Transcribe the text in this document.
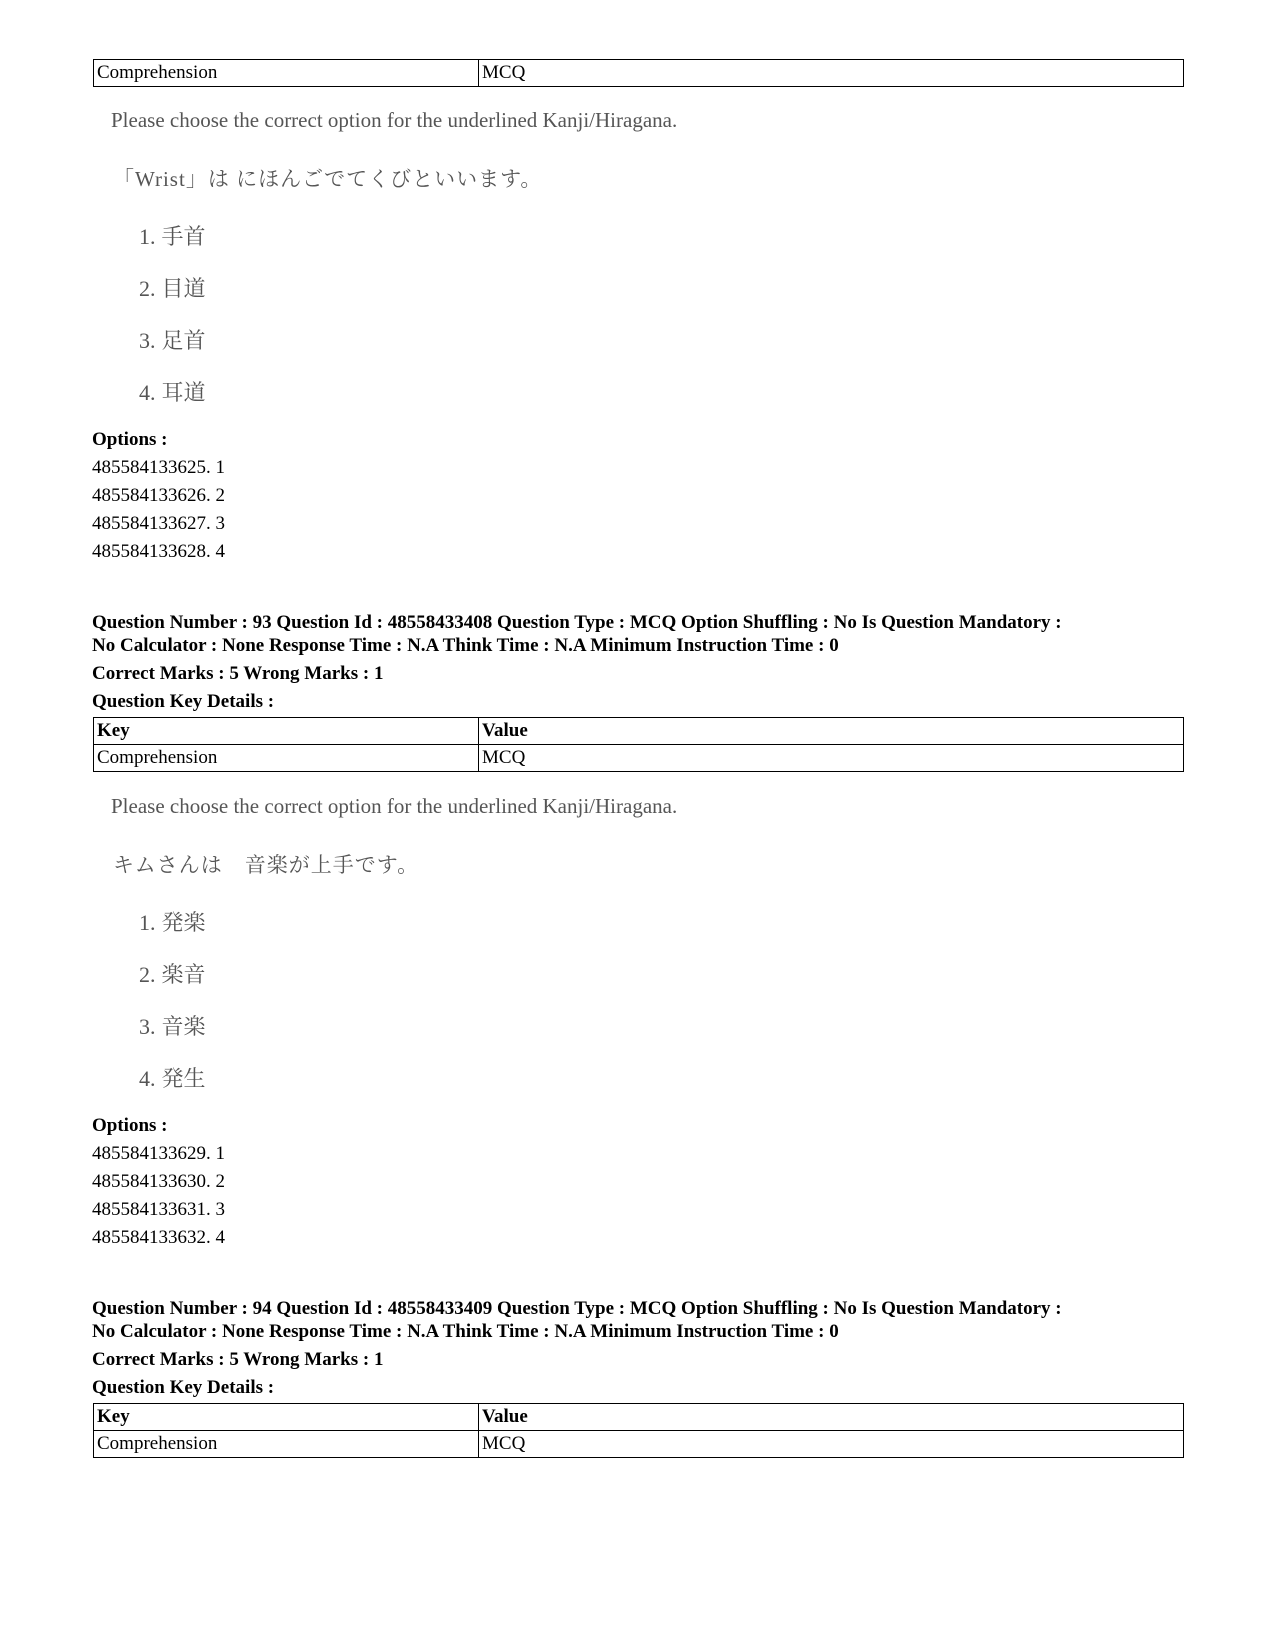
Comprehension	MCQ
Please choose the correct option for the underlined Kanji/Hiragana.
「Wrist」は にほんごでてくびといいます。
1. 手首
2. 目道
3. 足首
4. 耳道
Options :
485584133625. 1
485584133626. 2
485584133627. 3
485584133628. 4
Question Number : 93 Question Id : 48558433408 Question Type : MCQ Option Shuffling : No Is Question Mandatory :
No Calculator : None Response Time : N.A Think Time : N.A Minimum Instruction Time : 0
Correct Marks : 5 Wrong Marks : 1
Question Key Details :
Key	Value
Comprehension	MCQ
Please choose the correct option for the underlined Kanji/Hiragana.
キムさんは　音楽が上手です。
1. 発楽
2. 楽音
3. 音楽
4. 発生
Options :
485584133629. 1
485584133630. 2
485584133631. 3
485584133632. 4
Question Number : 94 Question Id : 48558433409 Question Type : MCQ Option Shuffling : No Is Question Mandatory :
No Calculator : None Response Time : N.A Think Time : N.A Minimum Instruction Time : 0
Correct Marks : 5 Wrong Marks : 1
Question Key Details :
Key	Value
Comprehension	MCQ
